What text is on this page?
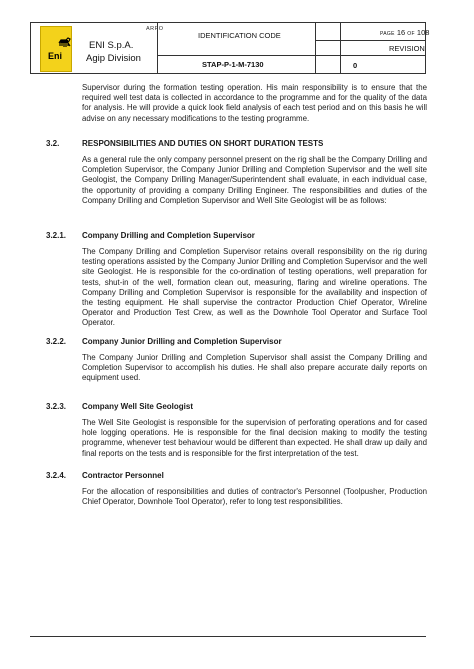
Eni
ARPO
ENI S.p.A.
Agip Division
IDENTIFICATION CODE
STAP-P-1-M-7130
PAGE 16 OF 108
REVISION
0

Supervisor during the formation testing operation. His main responsibility is to ensure that the required well test data is collected in accordance to the programme and for the quality of the data for analysis. He will provide a quick look field analysis of each test period and on this basis he will advise on any necessary modifications to the testing programme.

3.2.	RESPONSIBILITIES AND DUTIES ON SHORT DURATION TESTS

As a general rule the only company personnel present on the rig shall be the Company Drilling and Completion Supervisor, the Company Junior Drilling and Completion Supervisor and the well site Geologist, the Company Drilling Manager/Superintendent shall evaluate, in each individual case, the opportunity of providing a company Drilling Engineer. The responsibilities and duties of the Company Drilling and Completion Supervisor and Well Site Geologist will be as follows:

3.2.1. Company Drilling and Completion Supervisor

The Company Drilling and Completion Supervisor retains overall responsibility on the rig during testing operations assisted by the Company Junior Drilling and Completion Supervisor and the well site Geologist. He is responsible for the co-ordination of testing operations, well preparation for tests, shut-in of the well, formation clean out, measuring, flaring and wireline operations. The Company Drilling and Completion Supervisor is responsible for the availability and inspection of the testing equipment. He shall supervise the contractor Production Chief Operator, Wireline Operator and Production Test Crew, as well as the Downhole Tool Operator and Surface Tool Operator.

3.2.2. Company Junior Drilling and Completion Supervisor

The Company Junior Drilling and Completion Supervisor shall assist the Company Drilling and Completion Supervisor to accomplish his duties. He shall also prepare accurate daily reports on equipment used.

3.2.3. Company Well Site Geologist

The Well Site Geologist is responsible for the supervision of perforating operations and for cased hole logging operations. He is responsible for the final decision making to modify the testing programme, whenever test behaviour would be different than expected. He shall draw up daily and final reports on the tests and is responsible for the first interpretation of the test.

3.2.4. Contractor Personnel

For the allocation of responsibilities and duties of contractor's Personnel (Toolpusher, Production Chief Operator, Downhole Tool Operator), refer to long test responsibilities.
